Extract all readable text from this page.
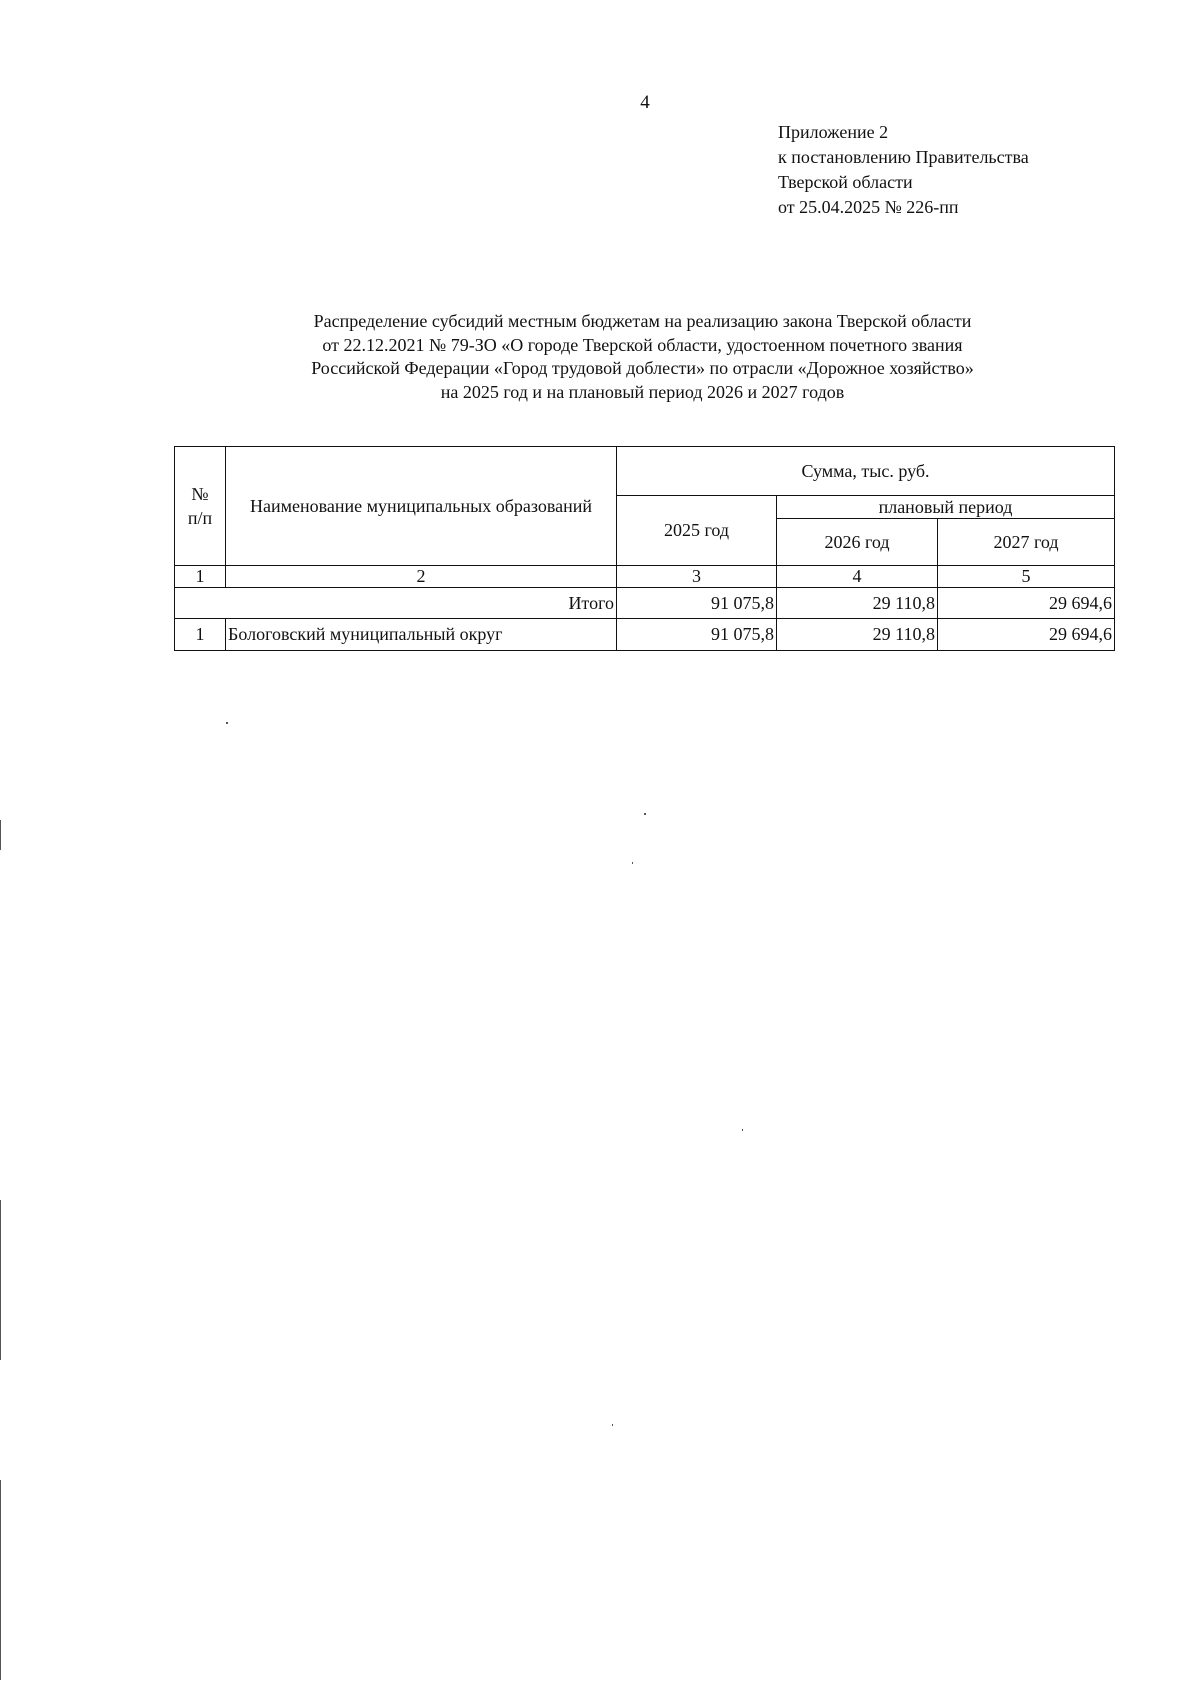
4
Приложение 2
к постановлению Правительства
Тверской области
от 25.04.2025 № 226-пп
Распределение субсидий местным бюджетам на реализацию закона Тверской области
от 22.12.2021 № 79-ЗО «О городе Тверской области, удостоенном почетного звания
Российской Федерации «Город трудовой доблести» по отрасли «Дорожное хозяйство»
на 2025 год и на плановый период 2026 и 2027 годов
№
п/п	Наименование муниципальных образований	Сумма, тыс. руб.		
		2025 год	плановый период	
			2026 год	2027 год
1	2	3	4	5
Итого		91 075,8	29 110,8	29 694,6
1	Бологовский муниципальный округ	91 075,8	29 110,8	29 694,6
